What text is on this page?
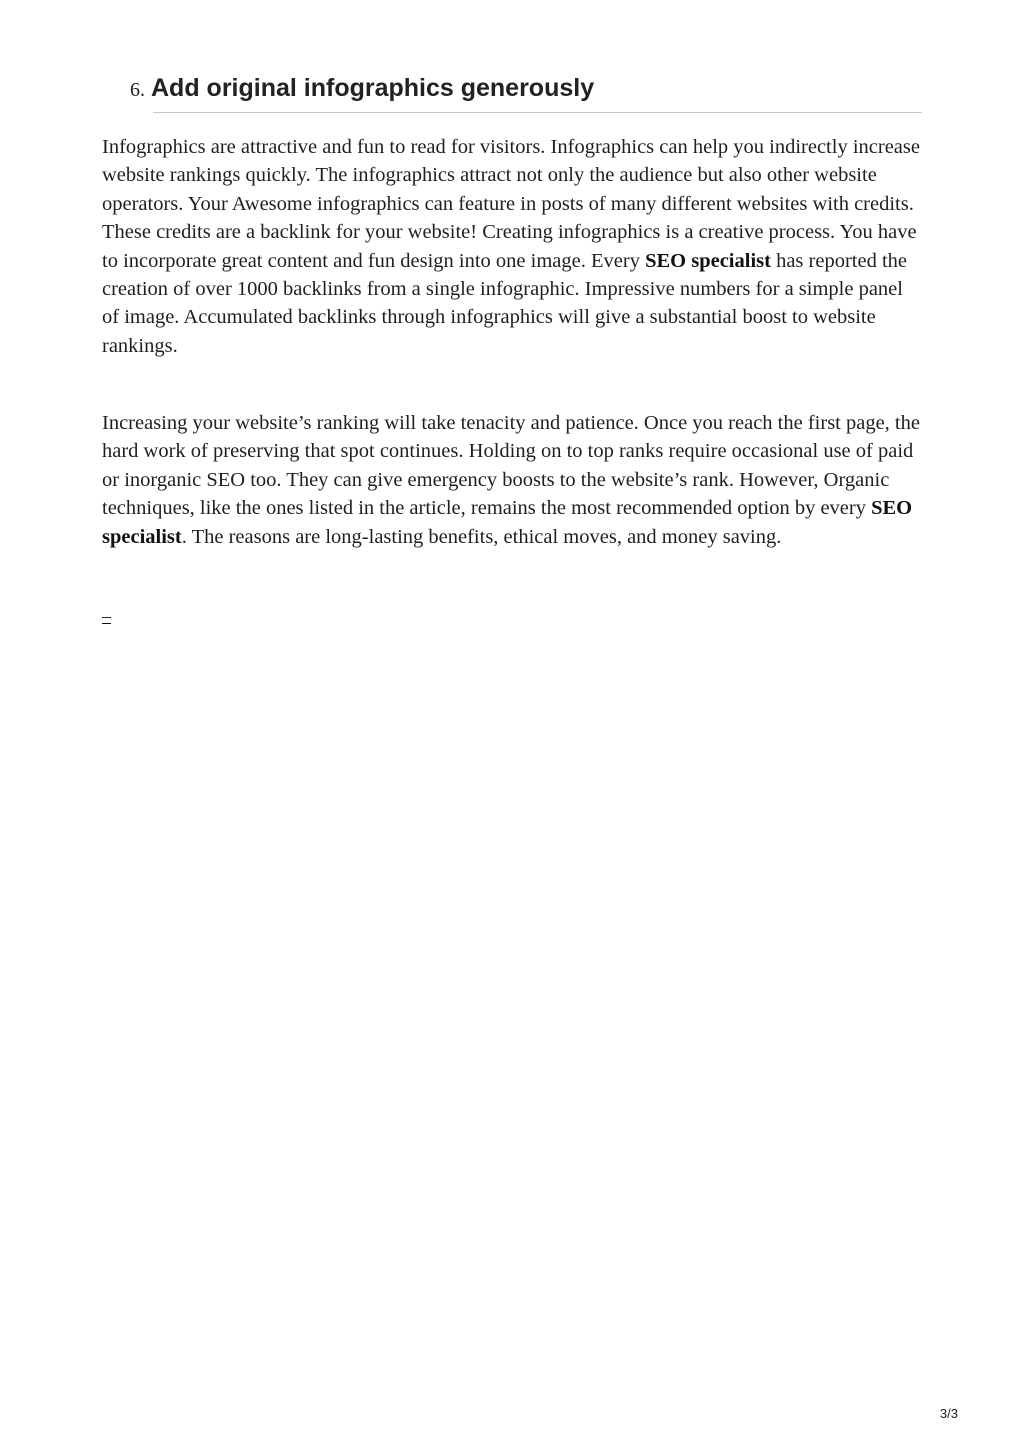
6. Add original infographics generously

Infographics are attractive and fun to read for visitors. Infographics can help you indirectly increase website rankings quickly. The infographics attract not only the audience but also other website operators. Your Awesome infographics can feature in posts of many different websites with credits. These credits are a backlink for your website! Creating infographics is a creative process. You have to incorporate great content and fun design into one image. Every SEO specialist has reported the creation of over 1000 backlinks from a single infographic. Impressive numbers for a simple panel of image. Accumulated backlinks through infographics will give a substantial boost to website rankings.

Increasing your website’s ranking will take tenacity and patience. Once you reach the first page, the hard work of preserving that spot continues. Holding on to top ranks require occasional use of paid or inorganic SEO too. They can give emergency boosts to the website’s rank. However, Organic techniques, like the ones listed in the article, remains the most recommended option by every SEO specialist. The reasons are long-lasting benefits, ethical moves, and money saving.

–
3/3
